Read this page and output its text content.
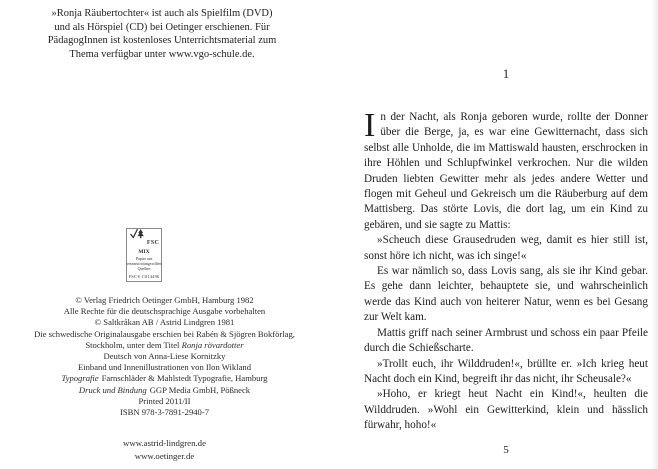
»Ronja Räubertochter« ist auch als Spielfilm (DVD)
und als Hörspiel (CD) bei Oetinger erschienen. Für
PädagogInnen ist kostenloses Unterrichtsmaterial zum
Thema verfügbar unter www.vgo-schule.de.
FSC
MIX
Papier aus verantwortungsvollen Quellen
FSC® C014496
© Verlag Friedrich Oetinger GmbH, Hamburg 1982
Alle Rechte für die deutschsprachige Ausgabe vorbehalten
© Saltkråkan AB / Astrid Lindgren 1981
Die schwedische Originalausgabe erschien bei Rabén & Sjögren Bokförlag,
Stockholm, unter dem Titel Ronja rövardotter
Deutsch von Anna-Liese Kornitzky
Einband und Innenillustrationen von Ilon Wikland
Typografie Farnschläder & Mahlstedt Typografie, Hamburg
Druck und Bindung GGP Media GmbH, Pößneck
Printed 2011/II
ISBN 978-3-7891-2940-7
www.astrid-lindgren.de
www.oetinger.de
1

In der Nacht, als Ronja geboren wurde, rollte der Donner über die Berge, ja, es war eine Gewitternacht, dass sich selbst alle Unholde, die im Mattiswald hausten, erschrocken in ihre Höhlen und Schlupfwinkel verkrochen. Nur die wilden Druden liebten Gewitter mehr als jedes andere Wetter und flogen mit Geheul und Gekreisch um die Räuberburg auf dem Mattisberg. Das störte Lovis, die dort lag, um ein Kind zu gebären, und sie sagte zu Mattis:

»Scheuch diese Grausedruden weg, damit es hier still ist, sonst höre ich nicht, was ich singe!«

Es war nämlich so, dass Lovis sang, als sie ihr Kind gebar. Es gehe dann leichter, behauptete sie, und wahrscheinlich werde das Kind auch von heiterer Natur, wenn es bei Gesang zur Welt kam.

Mattis griff nach seiner Armbrust und schoss ein paar Pfeile durch die Schießscharte.

»Trollt euch, ihr Wilddruden!«, brüllte er. »Ich krieg heut Nacht doch ein Kind, begreift ihr das nicht, ihr Scheusale?«

»Hoho, er kriegt heut Nacht ein Kind!«, heulten die Wilddruden. »Wohl ein Gewitterkind, klein und hässlich fürwahr, hoho!«

5
